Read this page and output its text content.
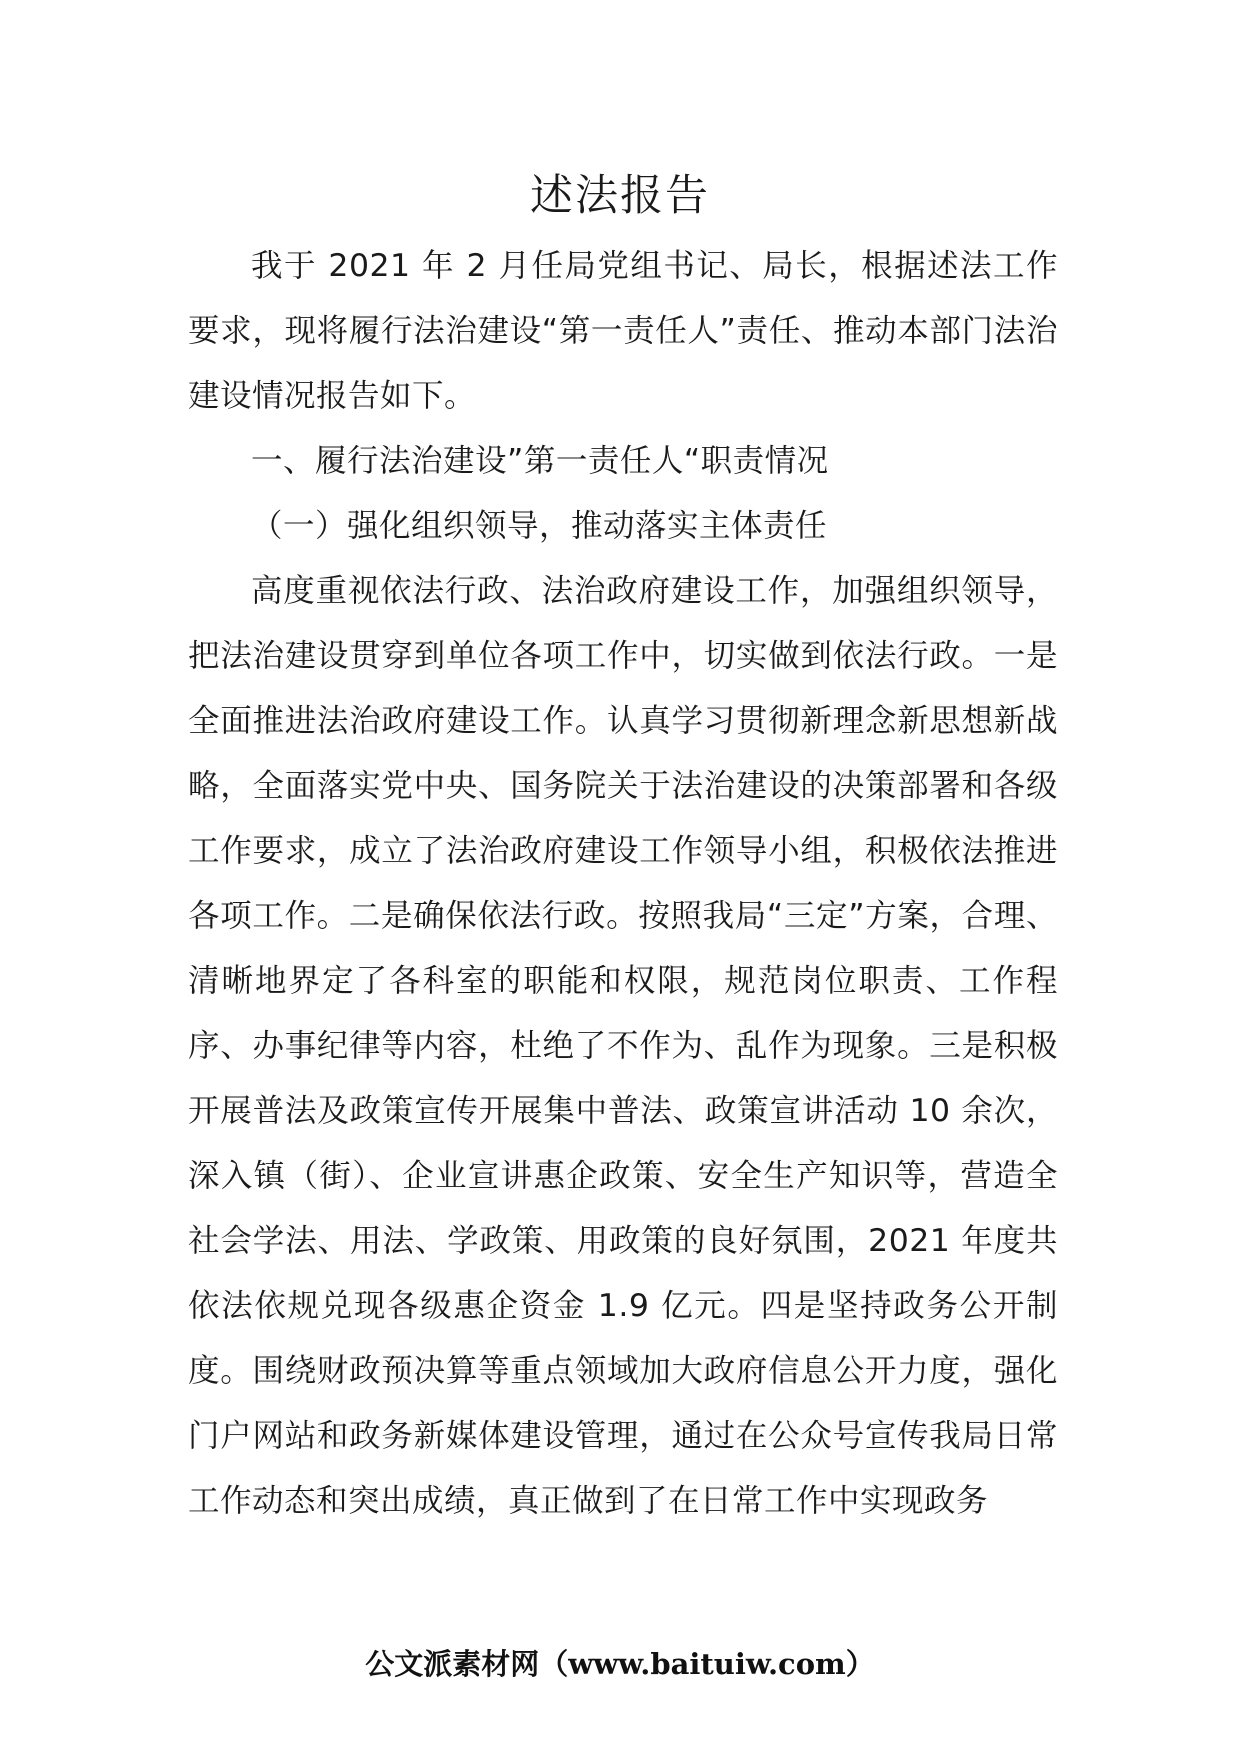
述法报告

我于 2021 年 2 月任局党组书记、局长，根据述法工作要求，现将履行法治建设“第一责任人”责任、推动本部门法治建设情况报告如下。

一、履行法治建设”第一责任人“职责情况

（一）强化组织领导，推动落实主体责任

高度重视依法行政、法治政府建设工作，加强组织领导，把法治建设贯穿到单位各项工作中，切实做到依法行政。一是全面推进法治政府建设工作。认真学习贯彻新理念新思想新战略，全面落实党中央、国务院关于法治建设的决策部署和各级工作要求，成立了法治政府建设工作领导小组，积极依法推进各项工作。二是确保依法行政。按照我局“三定”方案，合理、清晰地界定了各科室的职能和权限，规范岗位职责、工作程序、办事纪律等内容，杜绝了不作为、乱作为现象。三是积极开展普法及政策宣传开展集中普法、政策宣讲活动 10 余次，深入镇（街）、企业宣讲惠企政策、安全生产知识等，营造全社会学法、用法、学政策、用政策的良好氛围，2021 年度共依法依规兑现各级惠企资金 1.9 亿元。四是坚持政务公开制度。围绕财政预决算等重点领域加大政府信息公开力度，强化门户网站和政务新媒体建设管理，通过在公众号宣传我局日常工作动态和突出成绩，真正做到了在日常工作中实现政务

公文派素材网（www.baituiw.com）
